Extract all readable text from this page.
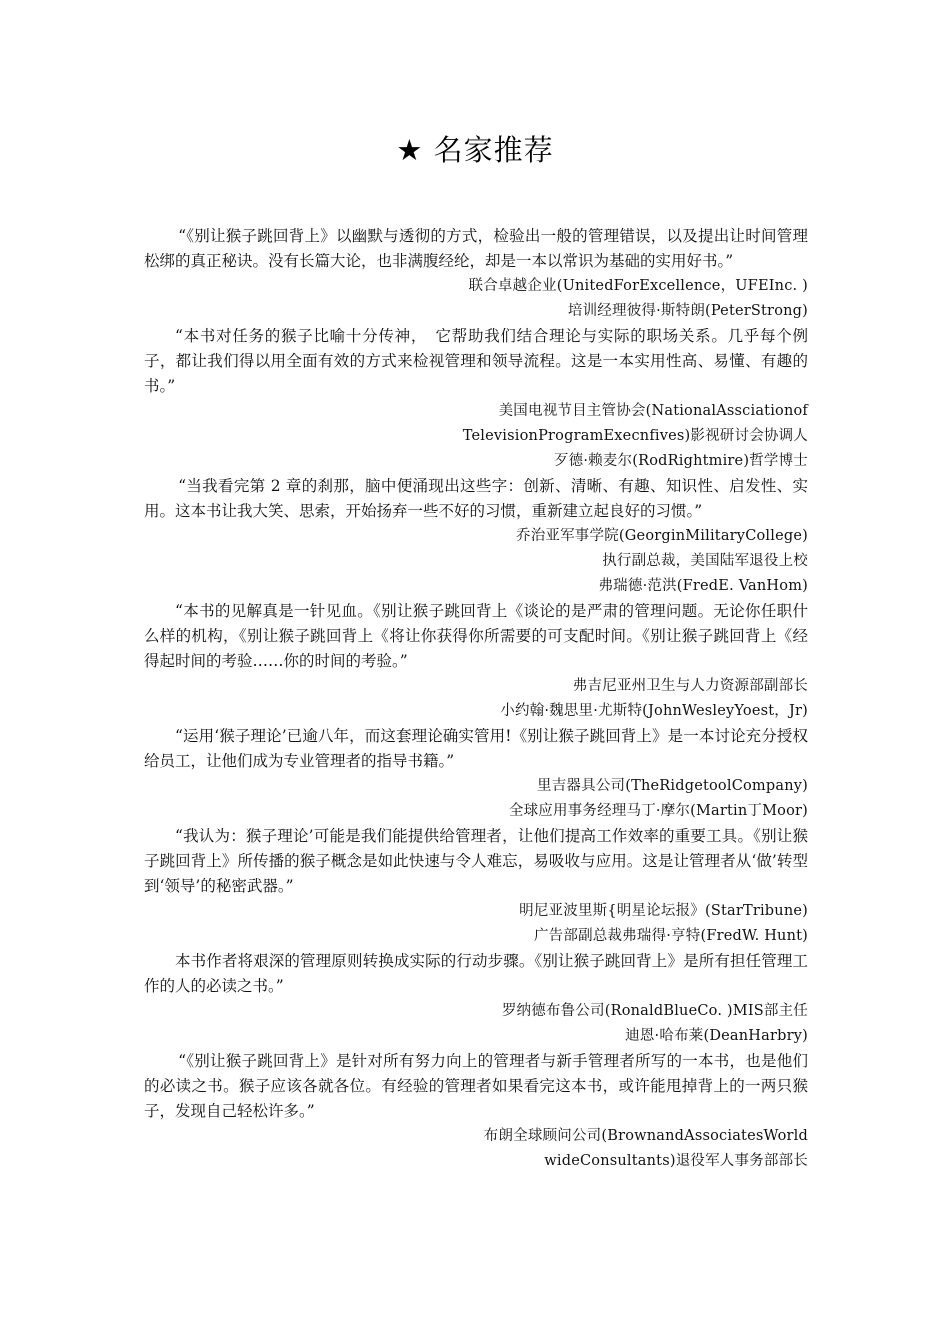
★ 名家推荐

“《别让猴子跳回背上》以幽默与透彻的方式，检验出一般的管理错误，以及提出让时间管理松绑的真正秘诀。没有长篇大论，也非满腹经纶，却是一本以常识为基础的实用好书。”

联合卓越企业(UnitedForExcellence，UFEInc. )

培训经理彼得·斯特朗(PeterStrong)

“本书对任务的猴子比喻十分传神，　它帮助我们结合理论与实际的职场关系。几乎每个例子，都让我们得以用全面有效的方式来检视管理和领导流程。这是一本实用性高、易懂、有趣的书。”

美国电视节目主管协会(NationalAssciationof

TelevisionProgramExecnfives)影视研讨会协调人

歹德·赖麦尔(RodRightmire)哲学博士

“当我看完第 2 章的刹那，脑中便涌现出这些字：创新、清晰、有趣、知识性、启发性、实用。这本书让我大笑、思索，开始扬弃一些不好的习惯，重新建立起良好的习惯。”

乔治亚军事学院(GeorginMilitaryCollege)

执行副总裁，美国陆军退役上校

弗瑞德·范洪(FredE. VanHom)

“本书的见解真是一针见血。《别让猴子跳回背上《谈论的是严肃的管理问题。无论你任职什么样的机构，《别让猴子跳回背上《将让你获得你所需要的可支配时间。《别让猴子跳回背上《经得起时间的考验……你的时间的考验。”

弗吉尼亚州卫生与人力资源部副部长

小约翰·魏思里·尤斯特(JohnWesleyYoest，Jr)

“运用‘猴子理论’已逾八年，而这套理论确实管用!《别让猴子跳回背上》是一本讨论充分授权给员工，让他们成为专业管理者的指导书籍。”

里吉器具公司(TheRidgetoolCompany)

全球应用事务经理马丁·摩尔(Martin丁Moor)

“我认为：猴子理论’可能是我们能提供给管理者，让他们提高工作效率的重要工具。《别让猴子跳回背上》所传播的猴子概念是如此快速与令人难忘，易吸收与应用。这是让管理者从‘做’转型到‘领导’的秘密武器。”

明尼亚波里斯{明星论坛报》(StarTribune)

广告部副总裁弗瑞得·亨特(FredW. Hunt)

本书作者将艰深的管理原则转换成实际的行动步骤。《别让猴子跳回背上》是所有担任管理工作的人的必读之书。”

罗纳德布鲁公司(RonaldBlueCo. )MIS部主任

迪恩·哈布莱(DeanHarbry)

“《别让猴子跳回背上》是针对所有努力向上的管理者与新手管理者所写的一本书，也是他们的必读之书。猴子应该各就各位。有经验的管理者如果看完这本书，或许能甩掉背上的一两只猴子，发现自己轻松许多。”

布朗全球顾问公司(BrownandAssociatesWorld

wideConsultants)退役军人事务部部长
